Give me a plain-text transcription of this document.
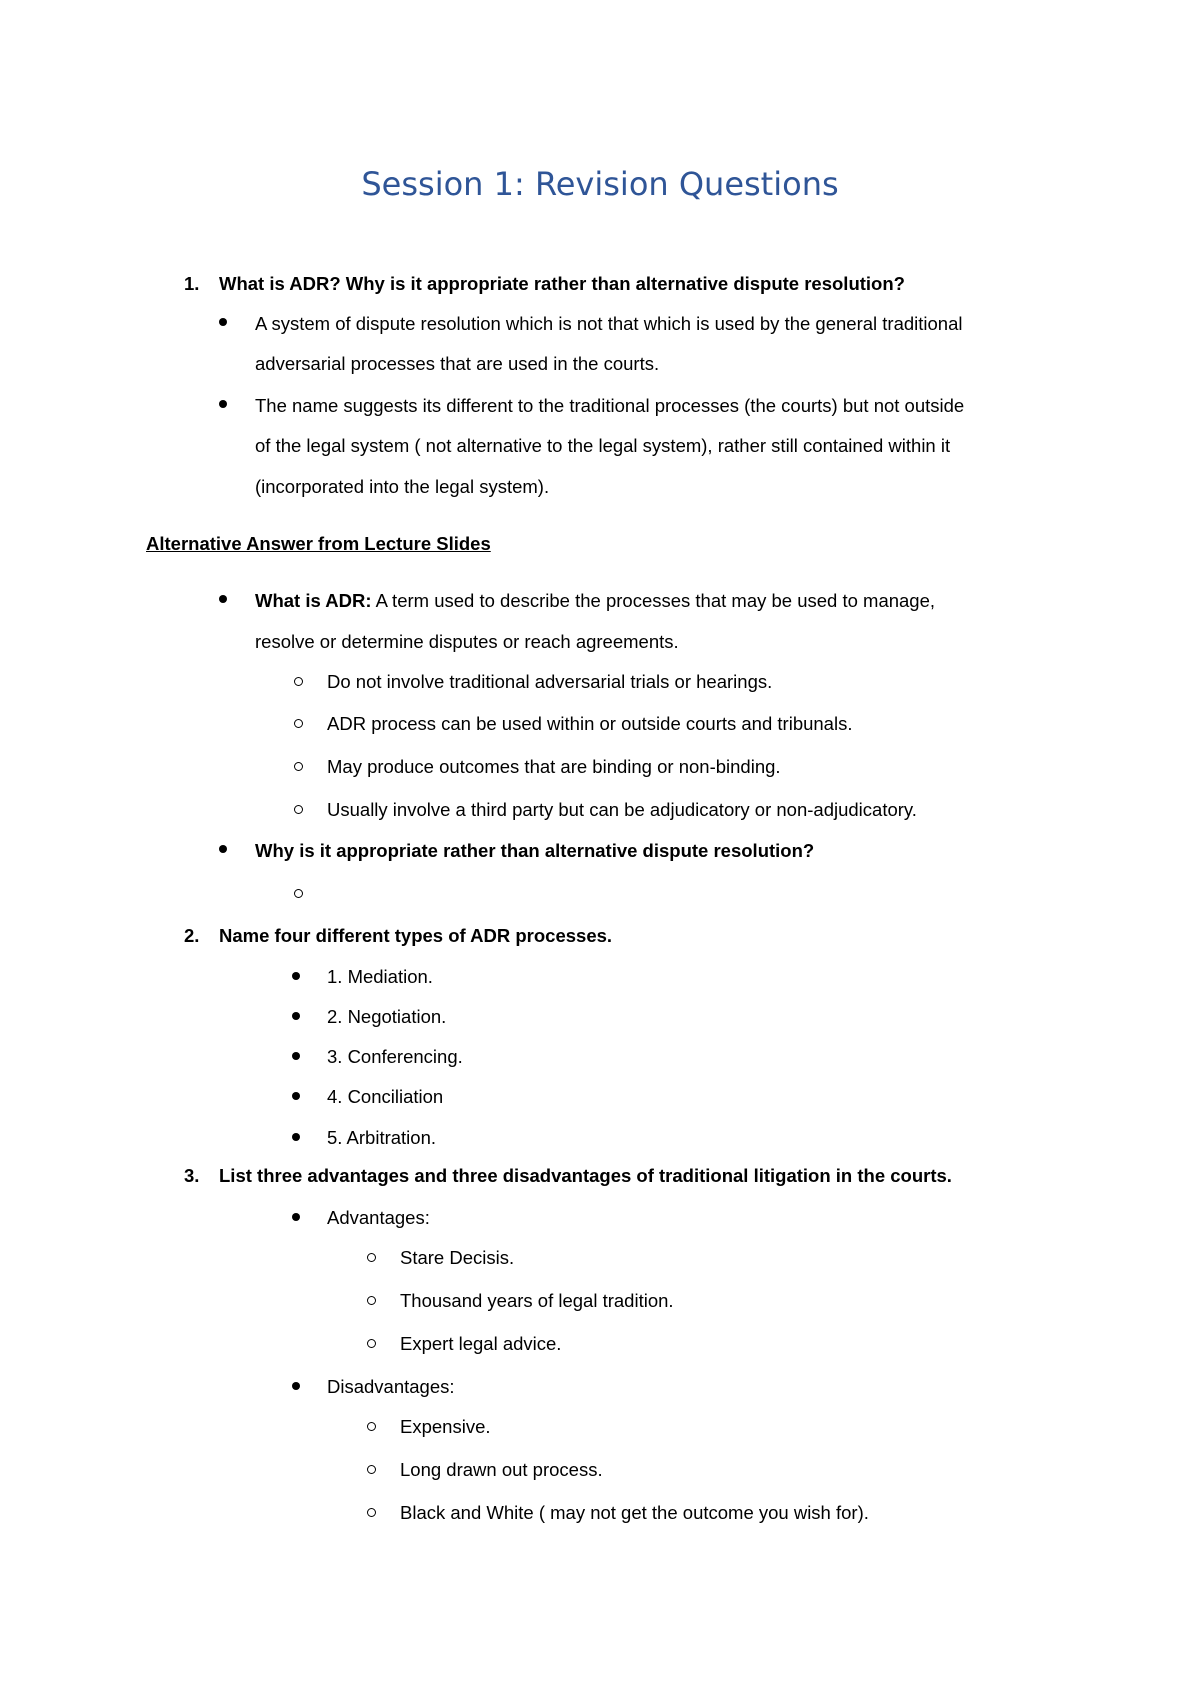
Session 1: Revision Questions
1. What is ADR? Why is it appropriate rather than alternative dispute resolution?
A system of dispute resolution which is not that which is used by the general traditional
adversarial processes that are used in the courts.
The name suggests its different to the traditional processes (the courts) but not outside
of the legal system ( not alternative to the legal system), rather still contained within it
(incorporated into the legal system).
Alternative Answer from Lecture Slides
What is ADR: A term used to describe the processes that may be used to manage,
resolve or determine disputes or reach agreements.
Do not involve traditional adversarial trials or hearings.
ADR process can be used within or outside courts and tribunals.
May produce outcomes that are binding or non-binding.
Usually involve a third party but can be adjudicatory or non-adjudicatory.
Why is it appropriate rather than alternative dispute resolution?
2. Name four different types of ADR processes.
1. Mediation.
2. Negotiation.
3. Conferencing.
4. Conciliation
5. Arbitration.
3. List three advantages and three disadvantages of traditional litigation in the courts.
Advantages:
Stare Decisis.
Thousand years of legal tradition.
Expert legal advice.
Disadvantages:
Expensive.
Long drawn out process.
Black and White ( may not get the outcome you wish for).
